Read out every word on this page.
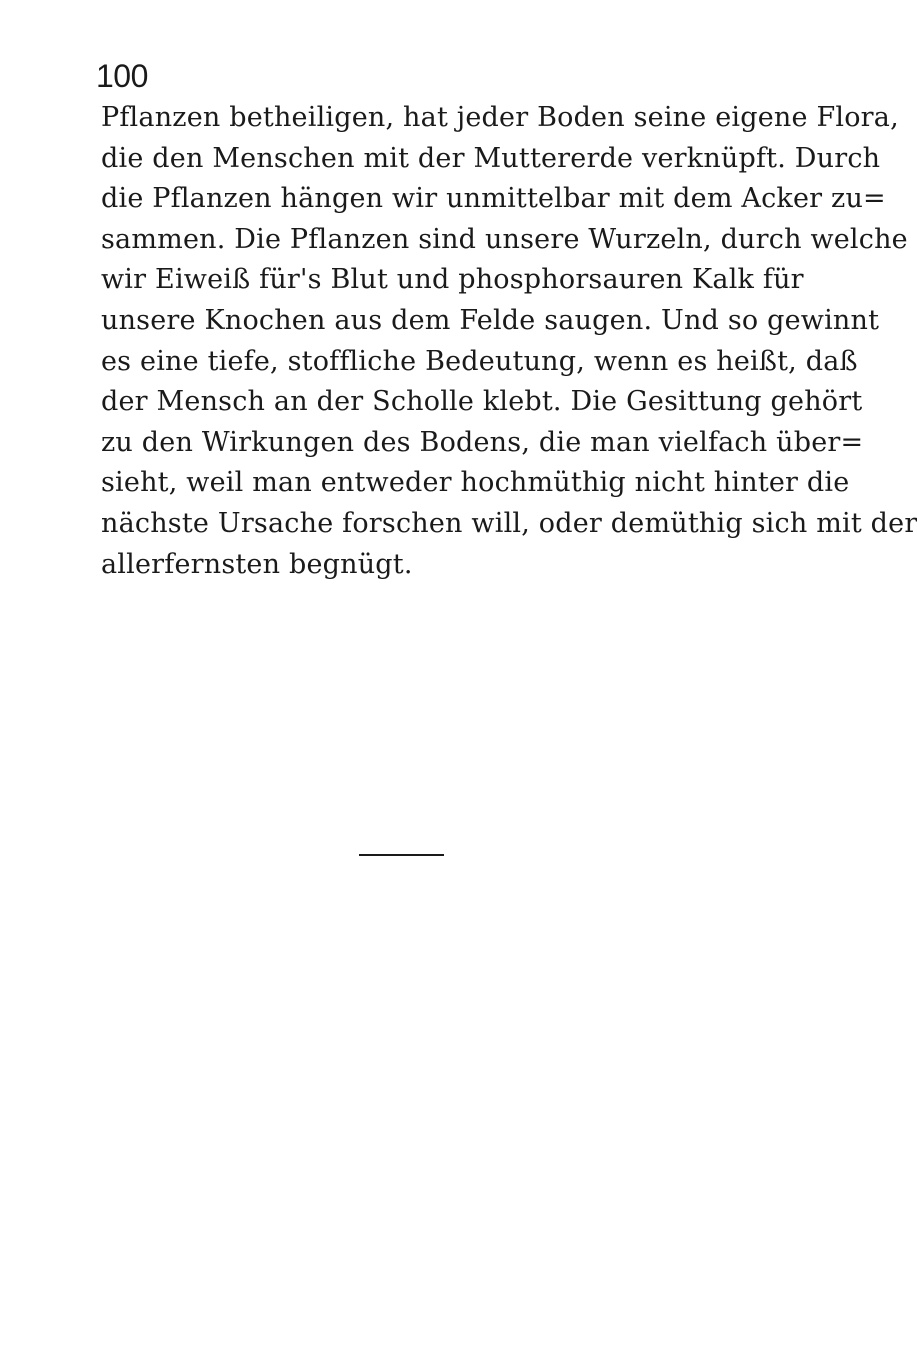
100
Pflanzen betheiligen, hat jeder Boden seine eigene Flora,
die den Menschen mit der Muttererde verknüpft. Durch
die Pflanzen hängen wir unmittelbar mit dem Acker zu=
sammen. Die Pflanzen sind unsere Wurzeln, durch welche
wir Eiweiß für's Blut und phosphorsauren Kalk für
unsere Knochen aus dem Felde saugen. Und so gewinnt
es eine tiefe, stoffliche Bedeutung, wenn es heißt, daß
der Mensch an der Scholle klebt. Die Gesittung gehört
zu den Wirkungen des Bodens, die man vielfach über=
sieht, weil man entweder hochmüthig nicht hinter die
nächste Ursache forschen will, oder demüthig sich mit der
allerfernsten begnügt.
